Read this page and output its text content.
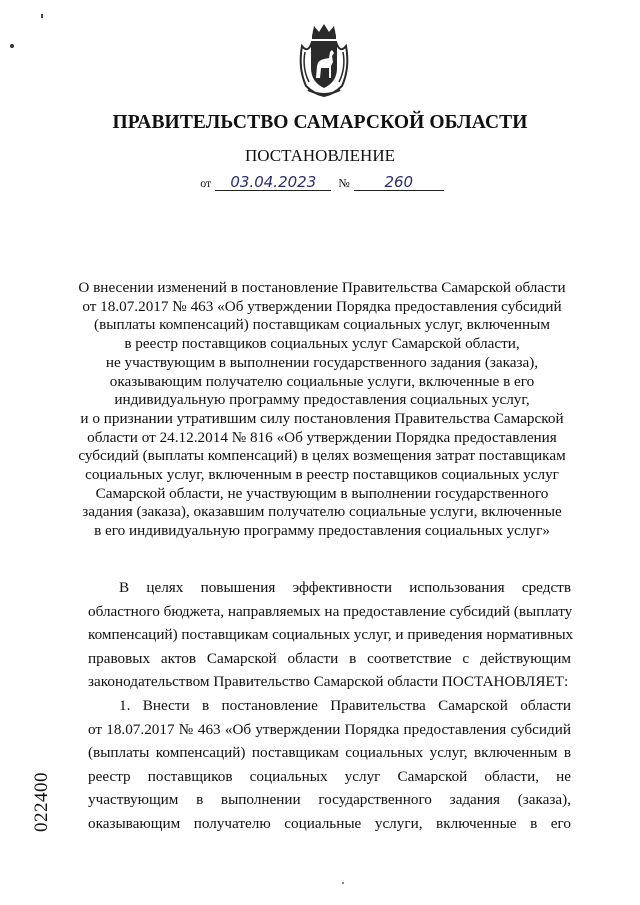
ПРАВИТЕЛЬСТВО САМАРСКОЙ ОБЛАСТИ
ПОСТАНОВЛЕНИЕ
от 03.04.2023 № 260
О внесении изменений в постановление Правительства Самарской области
от 18.07.2017 № 463 «Об утверждении Порядка предоставления субсидий
(выплаты компенсаций) поставщикам социальных услуг, включенным
в реестр поставщиков социальных услуг Самарской области,
не участвующим в выполнении государственного задания (заказа),
оказывающим получателю социальные услуги, включенные в его
индивидуальную программу предоставления социальных услуг,
и о признании утратившим силу постановления Правительства Самарской
области от 24.12.2014 № 816 «Об утверждении Порядка предоставления
субсидий (выплаты компенсаций) в целях возмещения затрат поставщикам
социальных услуг, включенным в реестр поставщиков социальных услуг
Самарской области, не участвующим в выполнении государственного
задания (заказа), оказавшим получателю социальные услуги, включенные
в его индивидуальную программу предоставления социальных услуг»
В целях повышения эффективности использования средств
областного бюджета, направляемых на предоставление субсидий (выплату
компенсаций) поставщикам социальных услуг, и приведения нормативных
правовых актов Самарской области в соответствие с действующим
законодательством Правительство Самарской области ПОСТАНОВЛЯЕТ:
1. Внести в постановление Правительства Самарской области
от 18.07.2017 № 463 «Об утверждении Порядка предоставления субсидий
(выплаты компенсаций) поставщикам социальных услуг, включенным в
реестр поставщиков социальных услуг Самарской области, не
участвующим в выполнении государственного задания (заказа),
оказывающим получателю социальные услуги, включенные в его
022400
